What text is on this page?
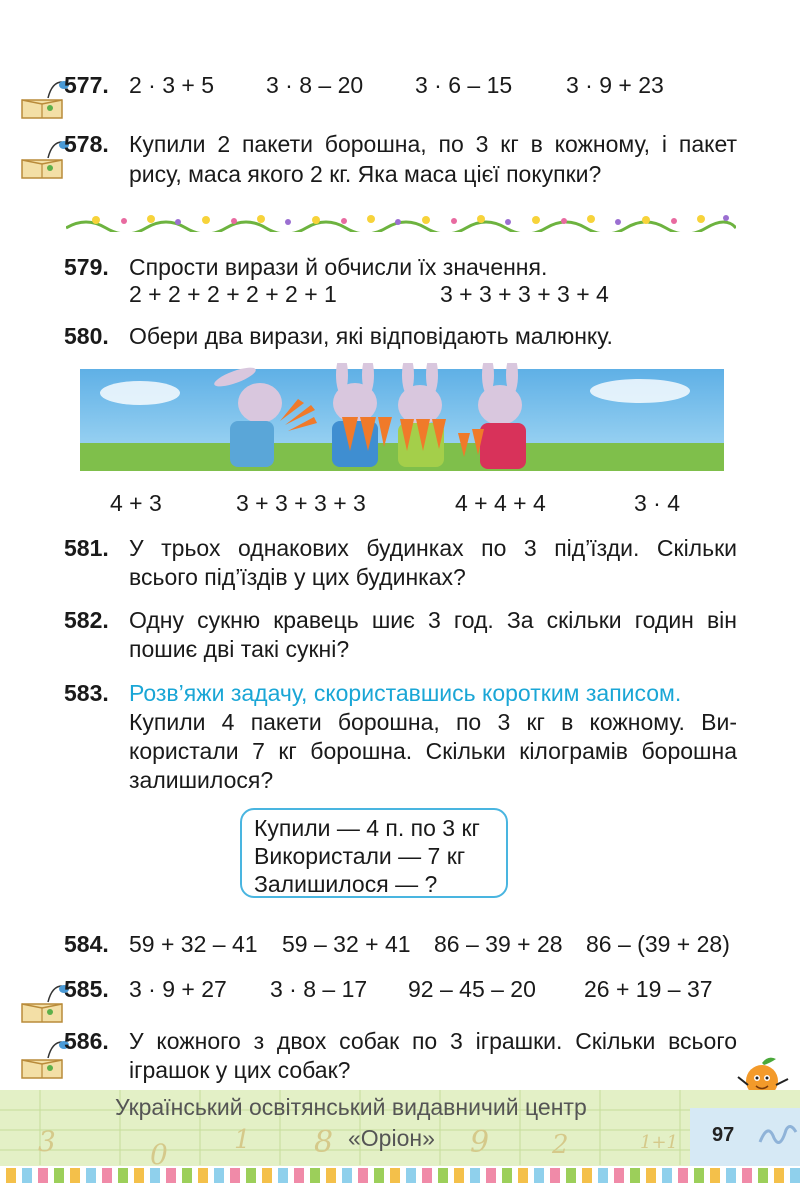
577. 2 · 3 + 5 3 · 8 – 20 3 · 6 – 15 3 · 9 + 23
578. Купили 2 пакети борошна, по 3 кг в кожному, і пакет
рису, маса якого 2 кг. Яка маса цієї покупки?
579. Спрости вирази й обчисли їх значення.
2 + 2 + 2 + 2 + 2 + 1	3 + 3 + 3 + 3 + 4
580. Обери два вирази, які відповідають малюнку.
4 + 3	3 + 3 + 3 + 3	4 + 4 + 4	3 · 4
581. У трьох однакових будинках по 3 під’їзди. Скільки
всього під’їздів у цих будинках?
582. Одну сукню кравець шиє 3 год. За скільки годин він
пошиє дві такі сукні?
583. Розв’яжи задачу, скориставшись коротким записом.
Купили 4 пакети борошна, по 3 кг в кожному. Ви-
користали 7 кг борошна. Скільки кілограмів борошна
залишилося?
Купили — 4 п. по 3 кг
Використали — 7 кг
Залишилося — ?
584. 59 + 32 – 41 59 – 32 + 41 86 – 39 + 28 86 – (39 + 28)
585. 3 · 9 + 27 3 · 8 – 17 92 – 45 – 20 26 + 19 – 37
586. У кожного з двох собак по 3 іграшки. Скільки всього
іграшок у цих собак?
3	0	1 8	9 2	1+1
Український освітянський видавничий центр
«Оріон»	97
